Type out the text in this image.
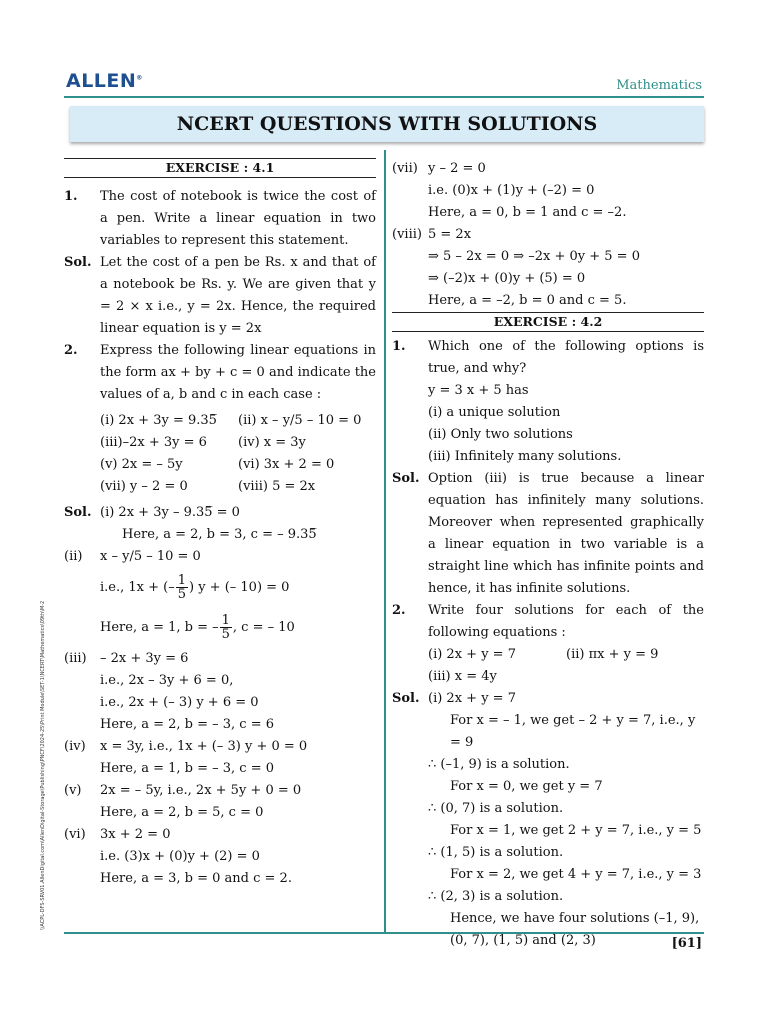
ALLEN®	Mathematics
NCERT QUESTIONS WITH SOLUTIONS
\\ACPL-DFS-SRV01.AllenDigital.com\AllenDigital-Storage\Publishing\PNCF\2024-25\Print Module\SET-1\NCERT\Mathematics\09th\M-2
EXERCISE : 4.1
1.	The cost of notebook is twice the cost of a pen. Write a linear equation in two variables to represent this statement.
Sol. Let the cost of a pen be Rs. x and that of a notebook be Rs. y. We are given that y = 2 × x i.e., y = 2x. Hence, the required linear equation is y = 2x
2.	Express the following linear equations in the form ax + by + c = 0 and indicate the values of a, b and c in each case :
(i) 2x + 3y = 9.35̅	(ii) x – y/5 – 10 = 0
(iii)–2x + 3y = 6	(iv) x = 3y
(v) 2x = – 5y	(vi) 3x + 2 = 0
(vii) y – 2 = 0	(viii) 5 = 2x
Sol. (i) 2x + 3y – 9.35̅ = 0
Here, a = 2, b = 3, c = – 9.35̅
(ii)	x – y/5 – 10 = 0
i.e., 1x + (– $\frac{1}{5}$ ) y + (– 10) = 0
Here, a = 1, b = – $\frac{1}{5}$ , c = – 10
(iii)	– 2x + 3y = 6
i.e., 2x – 3y + 6 = 0,
i.e., 2x + (– 3) y + 6 = 0
Here, a = 2, b = – 3, c = 6
(iv)	x = 3y, i.e., 1x + (– 3) y + 0 = 0
Here, a = 1, b = – 3, c = 0
(v)	2x = – 5y, i.e., 2x + 5y + 0 = 0
Here, a = 2, b = 5, c = 0
(vi)	3x + 2 = 0
i.e. (3)x + (0)y + (2) = 0
Here, a = 3, b = 0 and c = 2.
(vii) y – 2 = 0
i.e. (0)x + (1)y + (–2) = 0
Here, a = 0, b = 1 and c = –2.
(viii) 5 = 2x
⇒ 5 – 2x = 0 ⇒ –2x + 0y + 5 = 0
⇒ (–2)x + (0)y + (5) = 0
Here, a = –2, b = 0 and c = 5.
EXERCISE : 4.2
1.	Which one of the following options is true, and why?
y = 3 x + 5 has
(i) a unique solution
(ii) Only two solutions
(iii) Infinitely many solutions.
Sol. Option (iii) is true because a linear equation has infinitely many solutions. Moreover when represented graphically a linear equation in two variable is a straight line which has infinite points and hence, it has infinite solutions.
2.	Write four solutions for each of the following equations :
(i) 2x + y = 7	(ii) πx + y = 9
(iii) x = 4y
Sol. (i) 2x + y = 7
For x = – 1, we get – 2 + y = 7, i.e., y = 9
∴ (–1, 9) is a solution.
For x = 0, we get y = 7
∴ (0, 7) is a solution.
For x = 1, we get 2 + y = 7, i.e., y = 5
∴ (1, 5) is a solution.
For x = 2, we get 4 + y = 7, i.e., y = 3
∴ (2, 3) is a solution.
Hence, we have four solutions (–1, 9), (0, 7), (1, 5) and (2, 3)	[61]
